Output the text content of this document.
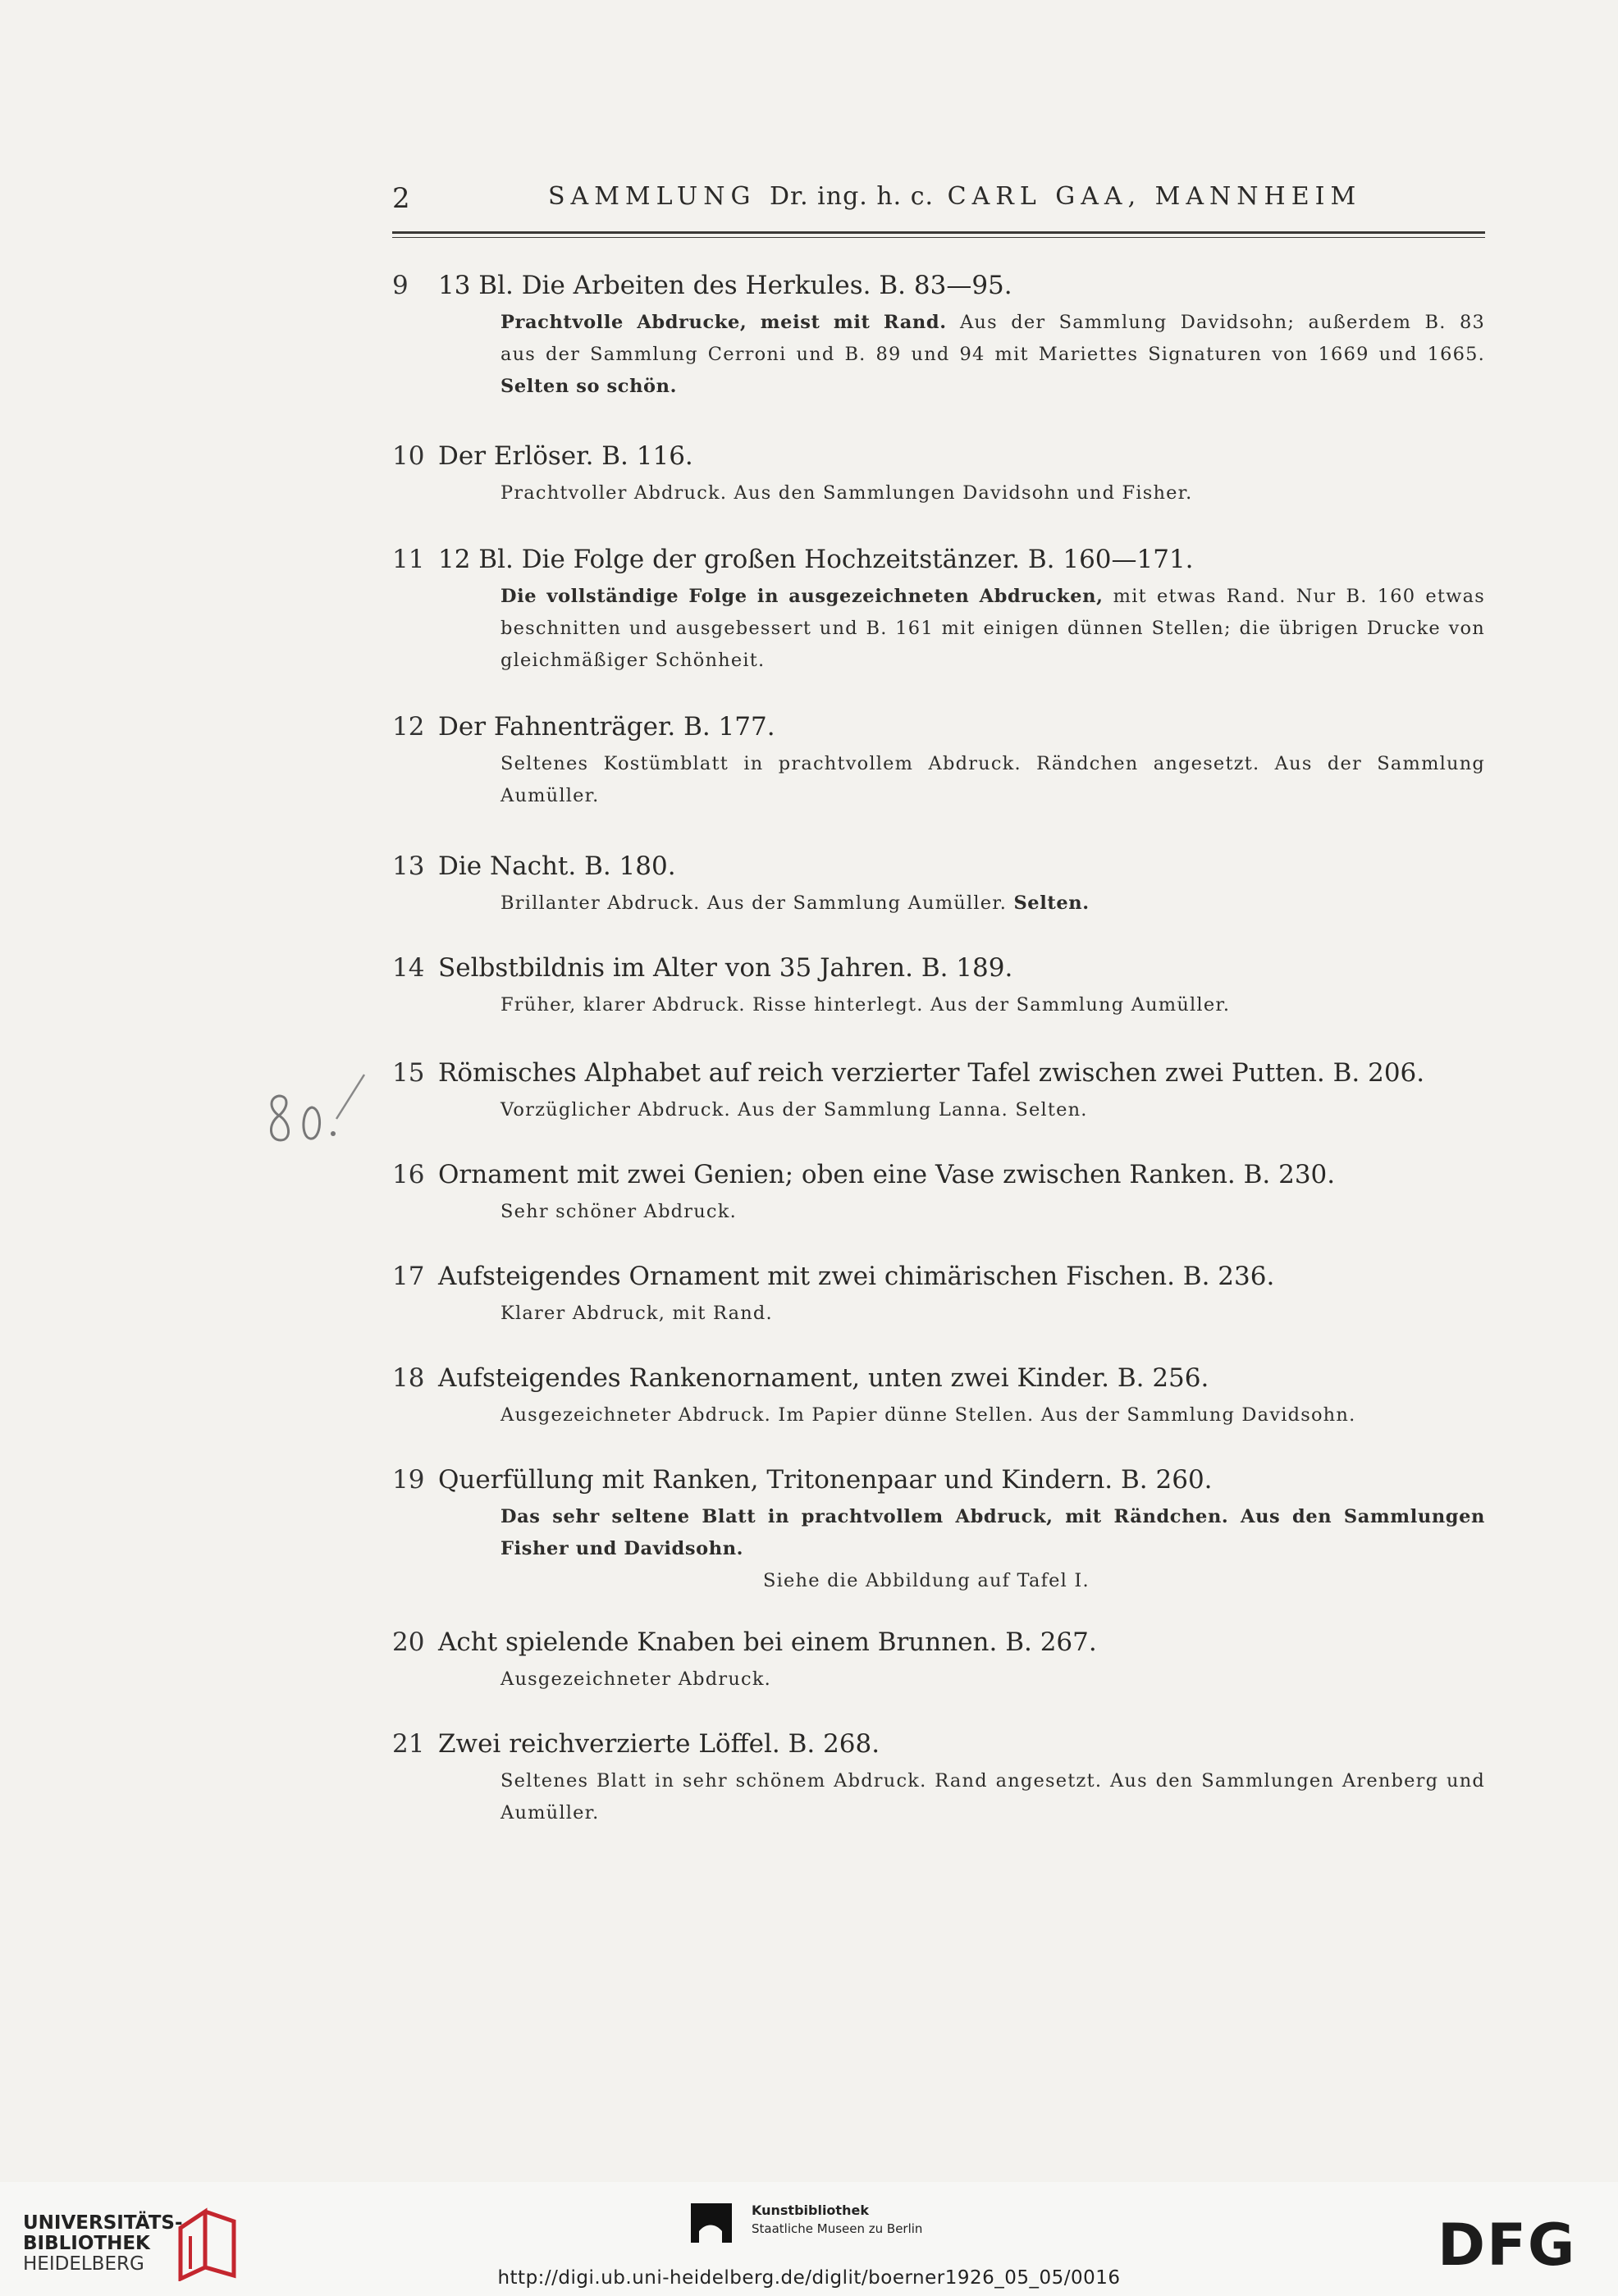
2	SAMMLUNG Dr. ing. h. c. CARL GAA, MANNHEIM
9	13 Bl. Die Arbeiten des Herkules. B. 83—95.
Prachtvolle Abdrucke, meist mit Rand. Aus der Sammlung Davidsohn; außerdem B. 83
aus der Sammlung Cerroni und B. 89 und 94 mit Mariettes Signaturen von 1669 und 1665.
Selten so schön.
10 Der Erlöser. B. 116.
Prachtvoller Abdruck. Aus den Sammlungen Davidsohn und Fisher.
11 12 Bl. Die Folge der großen Hochzeitstänzer. B. 160—171.
Die vollständige Folge in ausgezeichneten Abdrucken, mit etwas Rand. Nur B. 160 etwas
beschnitten und ausgebessert und B. 161 mit einigen dünnen Stellen; die übrigen Drucke von
gleichmäßiger Schönheit.
12 Der Fahnenträger. B. 177.
Seltenes Kostümblatt in prachtvollem Abdruck. Rändchen angesetzt. Aus der Sammlung
Aumüller.
13 Die Nacht. B. 180.
Brillanter Abdruck. Aus der Sammlung Aumüller. Selten.
14 Selbstbildnis im Alter von 35 Jahren. B. 189.
Früher, klarer Abdruck. Risse hinterlegt. Aus der Sammlung Aumüller.
15 Römisches Alphabet auf reich verzierter Tafel zwischen zwei Putten. B. 206.
Vorzüglicher Abdruck. Aus der Sammlung Lanna. Selten.
16 Ornament mit zwei Genien; oben eine Vase zwischen Ranken. B. 230.
Sehr schöner Abdruck.
17 Aufsteigendes Ornament mit zwei chimärischen Fischen. B. 236.
Klarer Abdruck, mit Rand.
18 Aufsteigendes Rankenornament, unten zwei Kinder. B. 256.
Ausgezeichneter Abdruck. Im Papier dünne Stellen. Aus der Sammlung Davidsohn.
19 Querfüllung mit Ranken, Tritonenpaar und Kindern. B. 260.
Das sehr seltene Blatt in prachtvollem Abdruck, mit Rändchen. Aus den Sammlungen
Fisher und Davidsohn.
Siehe die Abbildung auf Tafel I.
20 Acht spielende Knaben bei einem Brunnen. B. 267.
Ausgezeichneter Abdruck.
21 Zwei reichverzierte Löffel. B. 268.
Seltenes Blatt in sehr schönem Abdruck. Rand angesetzt. Aus den Sammlungen Arenberg und
Aumüller.
UNIVERSITÄTS-
BIBLIOTHEK
HEIDELBERG
Kunstbibliothek
Staatliche Museen zu Berlin	DFG
http://digi.ub.uni-heidelberg.de/diglit/boerner1926_05_05/0016
